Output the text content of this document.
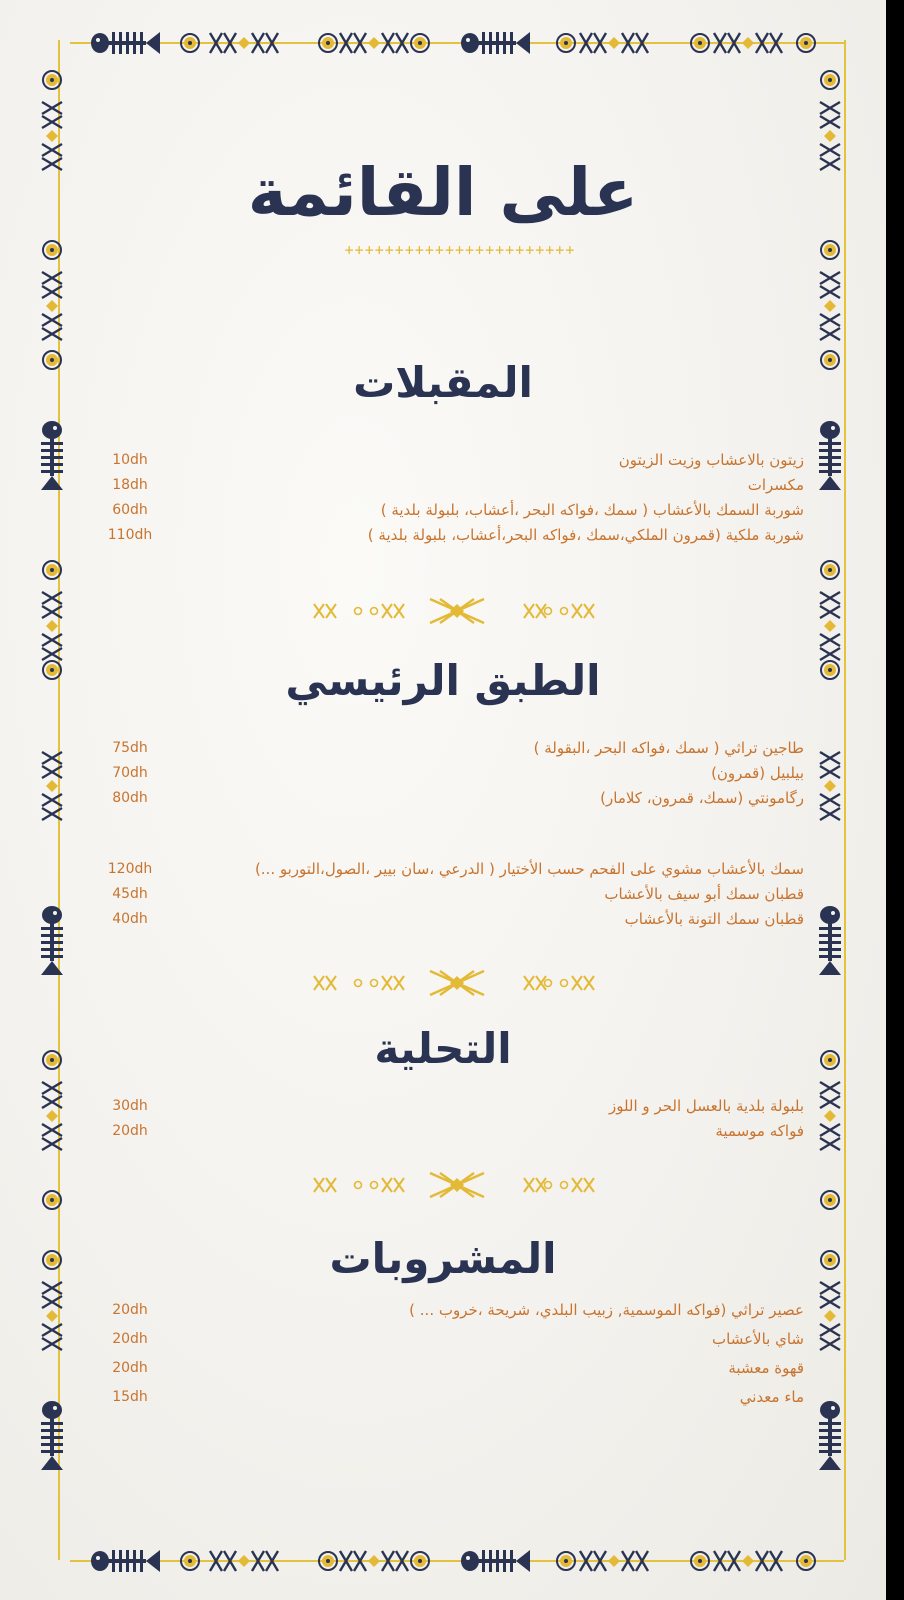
على القائمة
+++++++++++++++++++++++
المقبلات
زيتون بالاعشاب وزيت الزيتون
10dh
مكسرات
18dh
شوربة السمك بالأعشاب ( سمك ،فواكه البحر ،أعشاب، بلبولة بلدية )
60dh
شوربة ملكية (قمرون الملكي،سمك ،فواكه البحر،أعشاب، بلبولة بلدية )
110dh
الطبق الرئيسي
طاجين تراثي ( سمك ،فواكه البحر ،البقولة )
75dh
بيلبيل (قمرون)
70dh
رگامونتي (سمك، قمرون، كلامار)
80dh
سمك بالأعشاب مشوي على الفحم حسب الأختيار ( الدرعي ،سان بيير ،الصول،التوربو ...)
120dh
قطبان سمك أبو سيف بالأعشاب
45dh
قطبان سمك التونة بالأعشاب
40dh
التحلية
بلبولة بلدية بالعسل الحر و اللوز
30dh
فواكه موسمية
20dh
المشروبات
عصير تراثي (فواكه الموسمية, زبيب البلدي، شريحة ،خروب ... )
20dh
شاي بالأعشاب
20dh
قهوة معشبة
20dh
ماء معدني
15dh
